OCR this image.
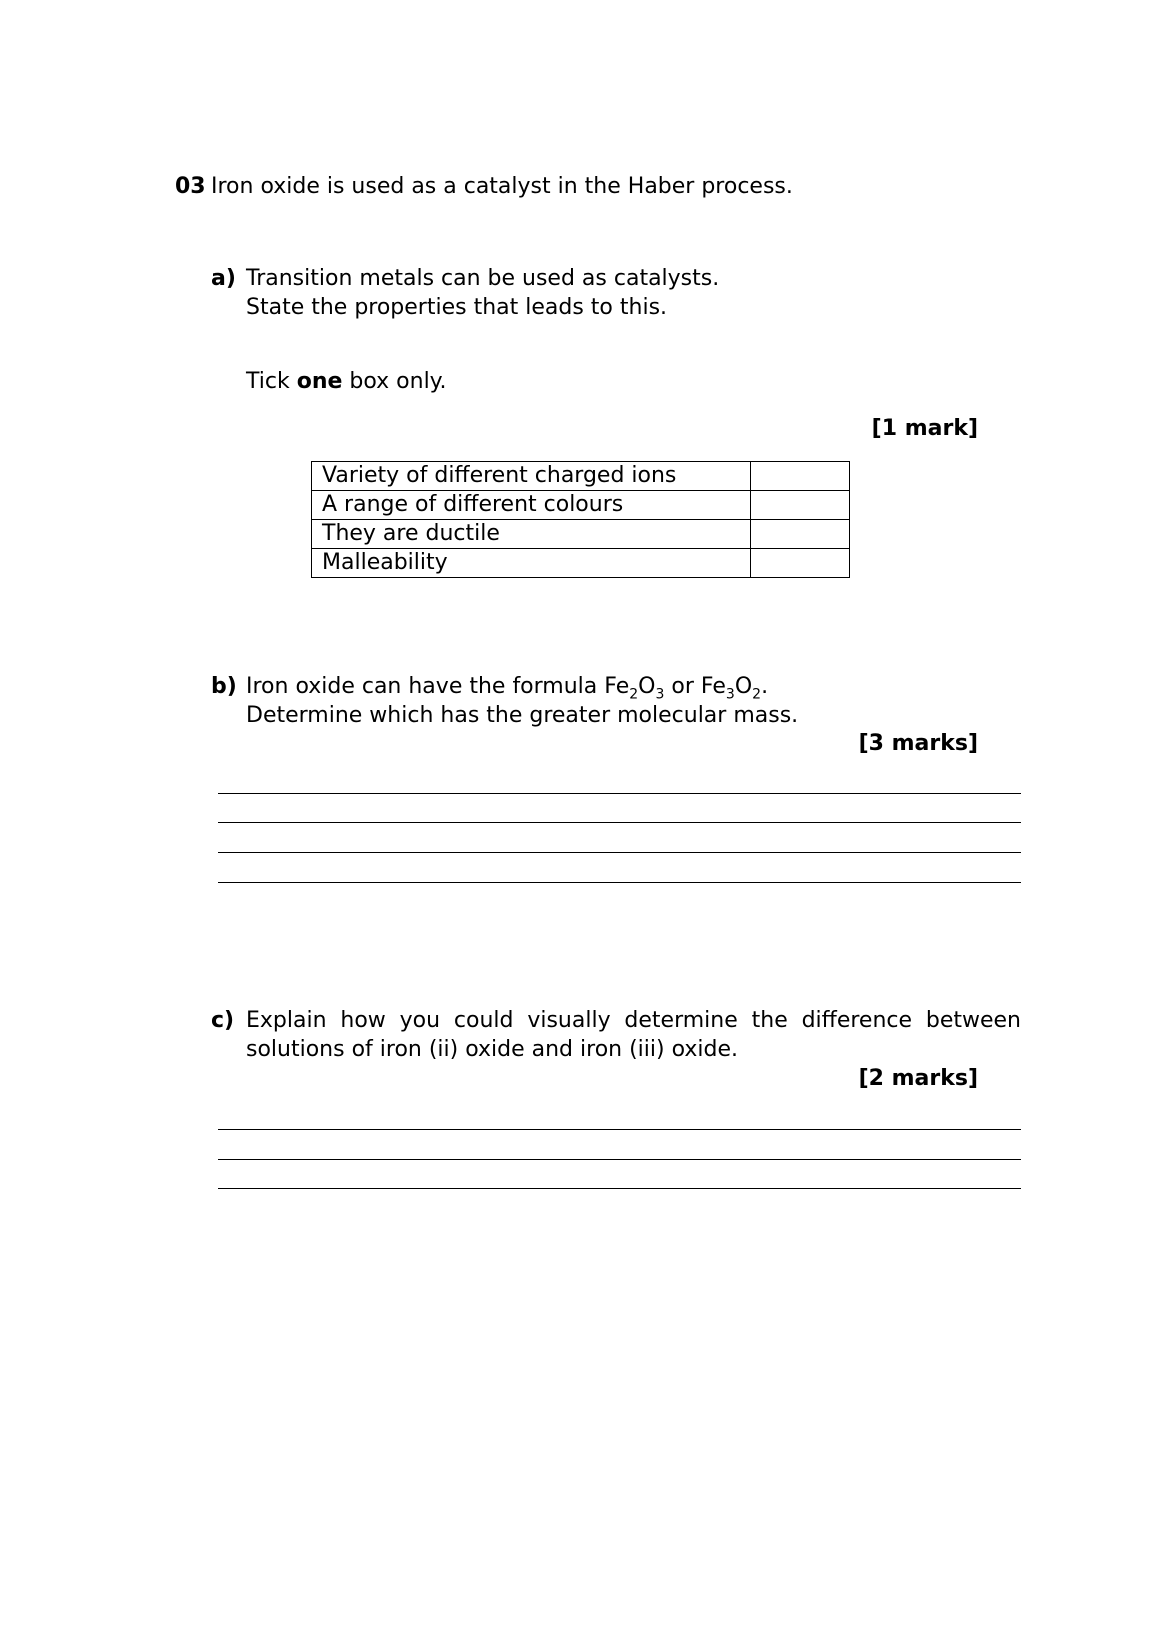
03 Iron oxide is used as a catalyst in the Haber process.
a) Transition metals can be used as catalysts.
State the properties that leads to this.
Tick one box only.
[1 mark]
Variety of different charged ions	
A range of different colours	
They are ductile	
Malleability	
b) Iron oxide can have the formula $Fe_2O_3$ or $Fe_3O_2$.
Determine which has the greater molecular mass.
[3 marks]
c) Explain how you could visually determine the difference between solutions of iron (ii) oxide and iron (iii) oxide.
[2 marks]
